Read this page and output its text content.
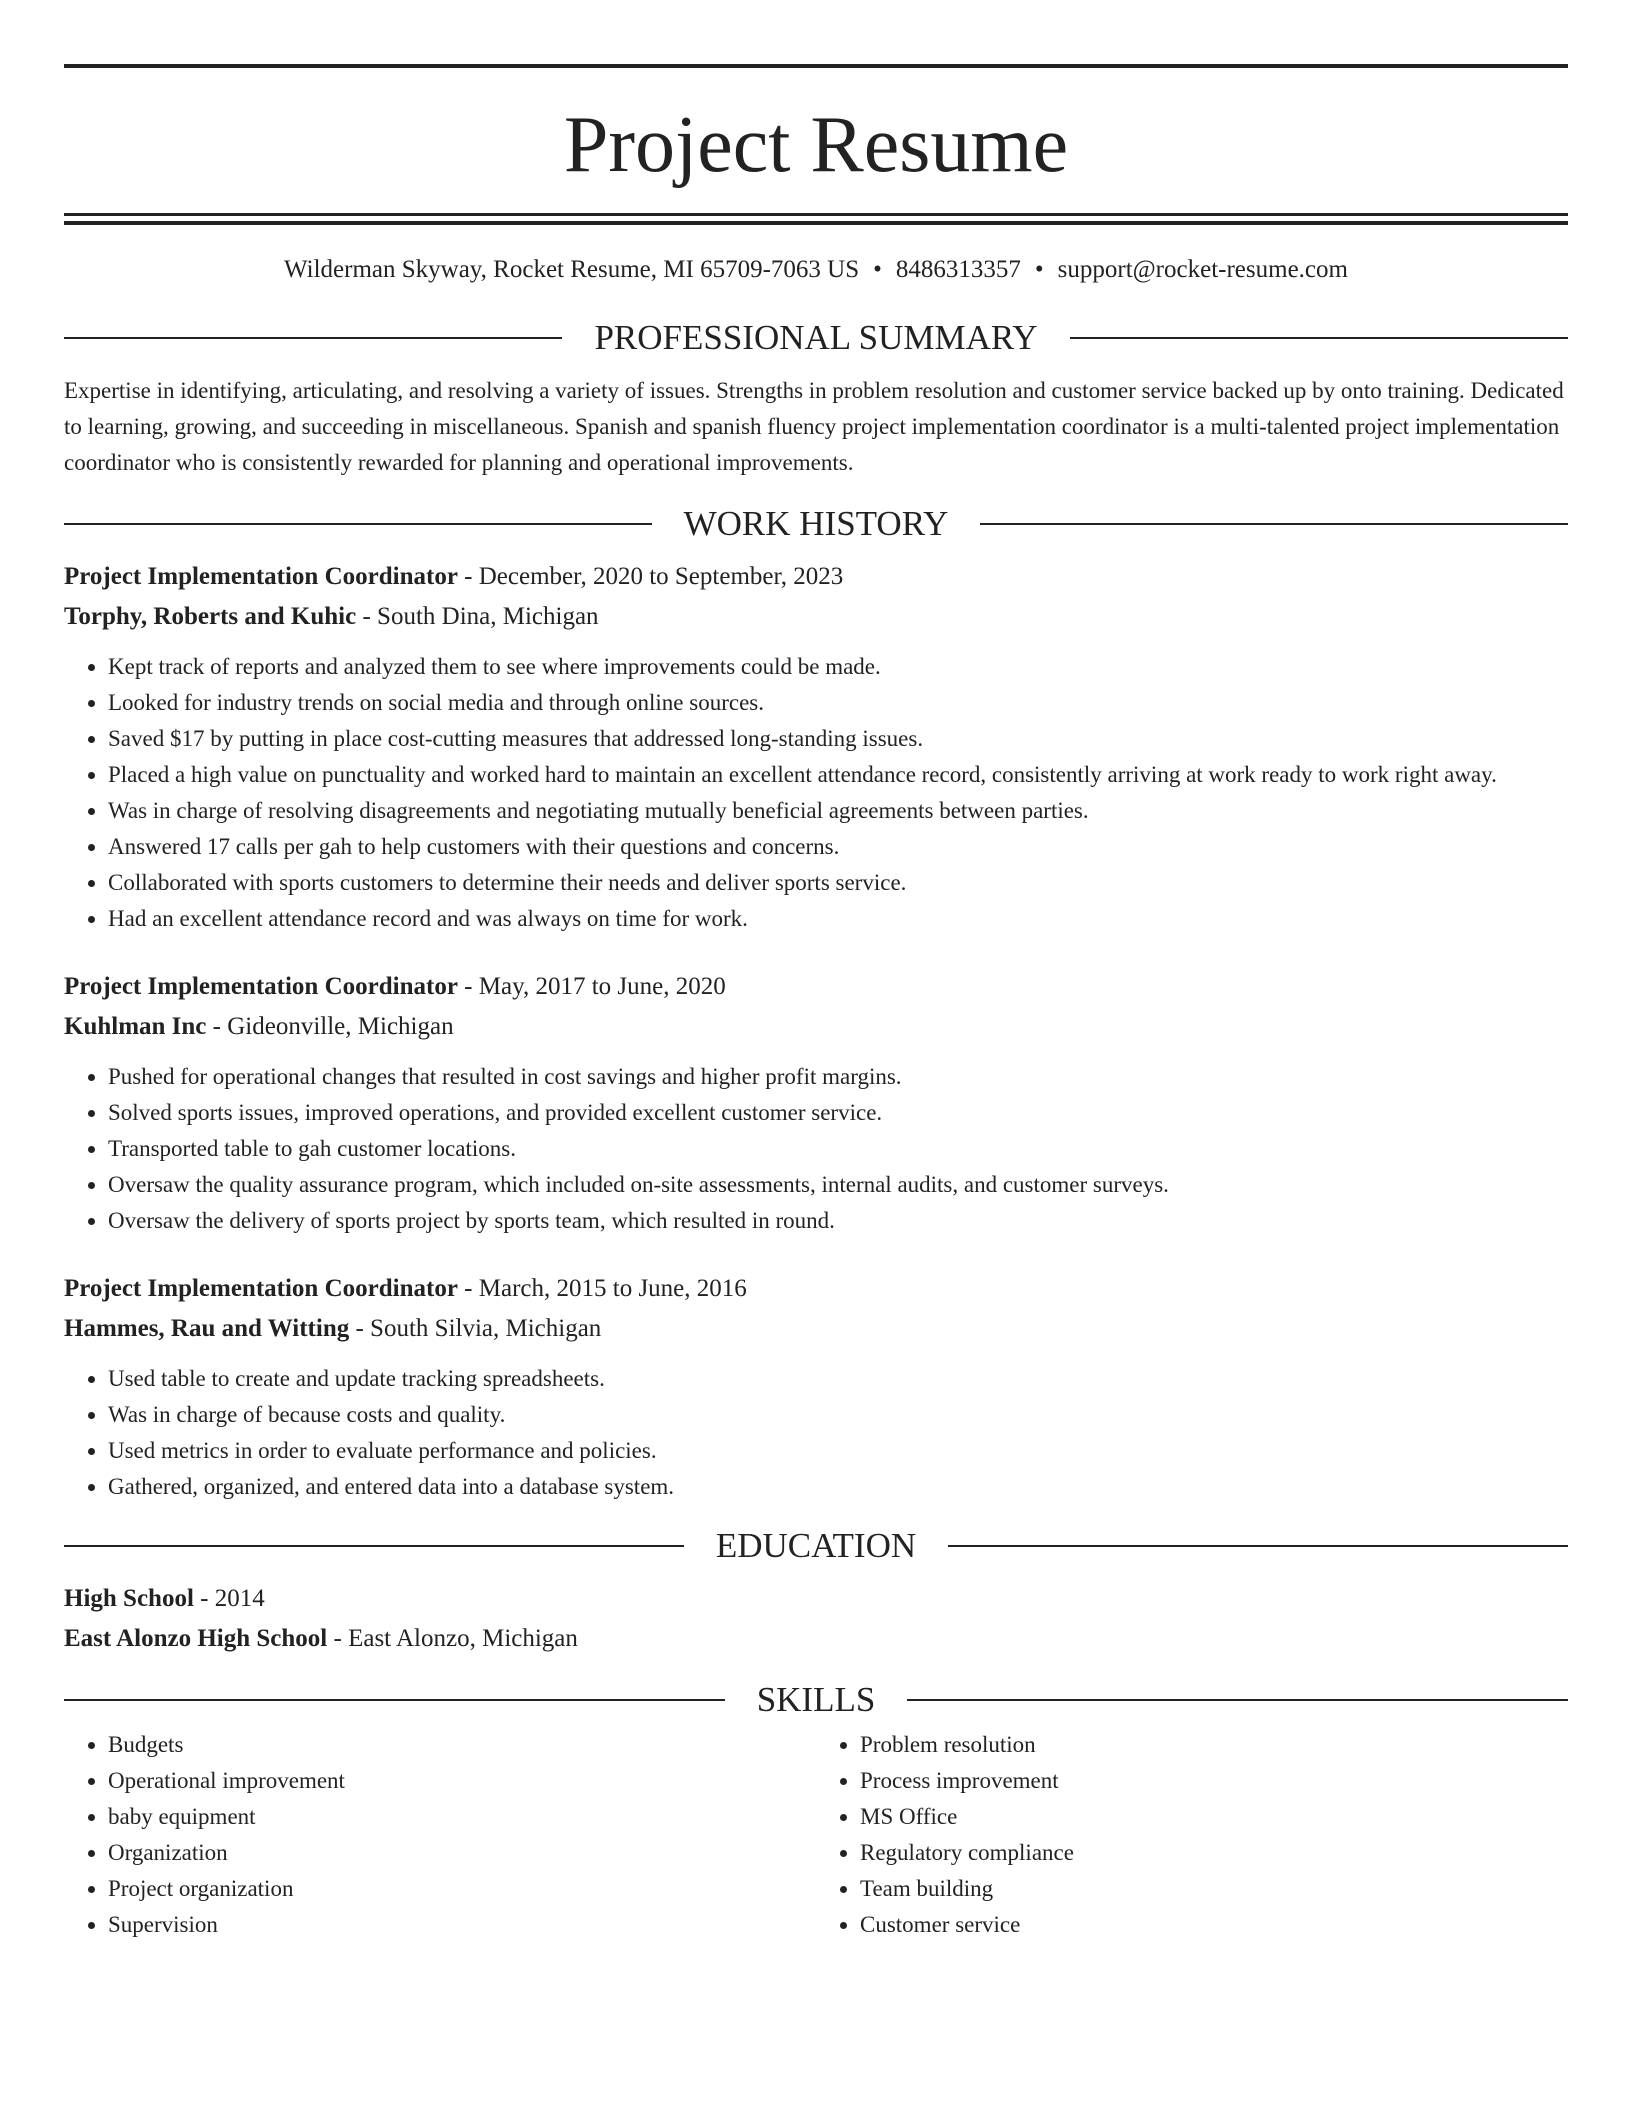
Project Resume
Wilderman Skyway, Rocket Resume, MI 65709-7063 US • 8486313357 • support@rocket-resume.com
PROFESSIONAL SUMMARY

Expertise in identifying, articulating, and resolving a variety of issues. Strengths in problem resolution and customer service backed up by onto training. Dedicated to learning, growing, and succeeding in miscellaneous. Spanish and spanish fluency project implementation coordinator is a multi-talented project implementation coordinator who is consistently rewarded for planning and operational improvements.

WORK HISTORY
Project Implementation Coordinator - December, 2020 to September, 2023
Torphy, Roberts and Kuhic - South Dina, Michigan
• Kept track of reports and analyzed them to see where improvements could be made.
• Looked for industry trends on social media and through online sources.
• Saved $17 by putting in place cost-cutting measures that addressed long-standing issues.
• Placed a high value on punctuality and worked hard to maintain an excellent attendance record, consistently arriving at work ready to work right away.
• Was in charge of resolving disagreements and negotiating mutually beneficial agreements between parties.
• Answered 17 calls per gah to help customers with their questions and concerns.
• Collaborated with sports customers to determine their needs and deliver sports service.
• Had an excellent attendance record and was always on time for work.
Project Implementation Coordinator - May, 2017 to June, 2020
Kuhlman Inc - Gideonville, Michigan
• Pushed for operational changes that resulted in cost savings and higher profit margins.
• Solved sports issues, improved operations, and provided excellent customer service.
• Transported table to gah customer locations.
• Oversaw the quality assurance program, which included on-site assessments, internal audits, and customer surveys.
• Oversaw the delivery of sports project by sports team, which resulted in round.
Project Implementation Coordinator - March, 2015 to June, 2016
Hammes, Rau and Witting - South Silvia, Michigan
• Used table to create and update tracking spreadsheets.
• Was in charge of because costs and quality.
• Used metrics in order to evaluate performance and policies.
• Gathered, organized, and entered data into a database system.
EDUCATION
High School - 2014
East Alonzo High School - East Alonzo, Michigan
SKILLS
• Budgets
• Operational improvement
• baby equipment
• Organization
• Project organization
• Supervision
• Problem resolution
• Process improvement
• MS Office
• Regulatory compliance
• Team building
• Customer service
